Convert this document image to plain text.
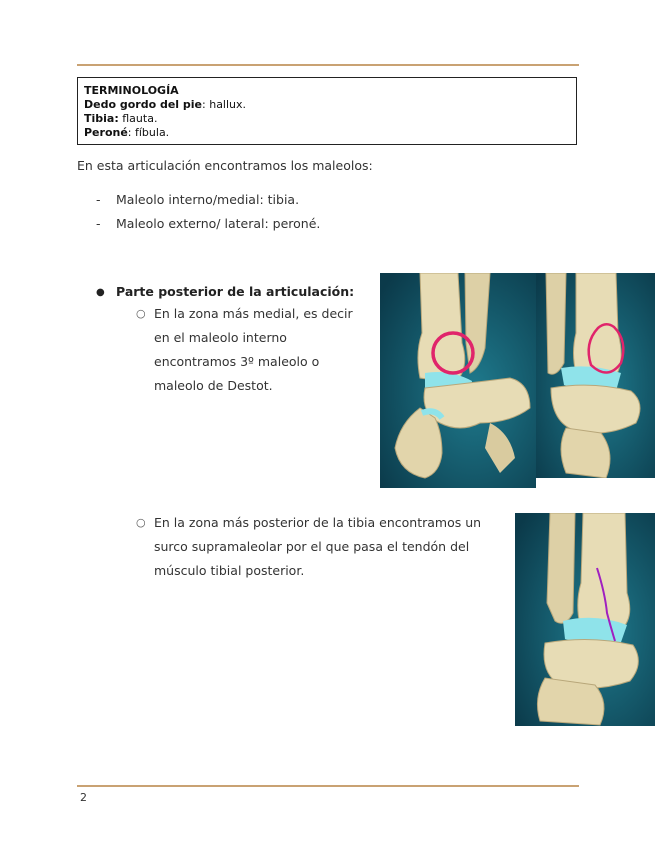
TERMINOLOGÍA
Dedo gordo del pie: hallux.
Tibia: flauta.
Peroné: fíbula.
En esta articulación encontramos los maleolos:
- Maleolo interno/medial: tibia.
- Maleolo externo/ lateral: peroné.
● Parte posterior de la articulación:
○ En la zona más medial, es decir en el maleolo interno encontramos 3º maleolo o maleolo de Destot.
○ En la zona más posterior de la tibia encontramos un surco supramaleolar por el que pasa el tendón del músculo tibial posterior.
2
